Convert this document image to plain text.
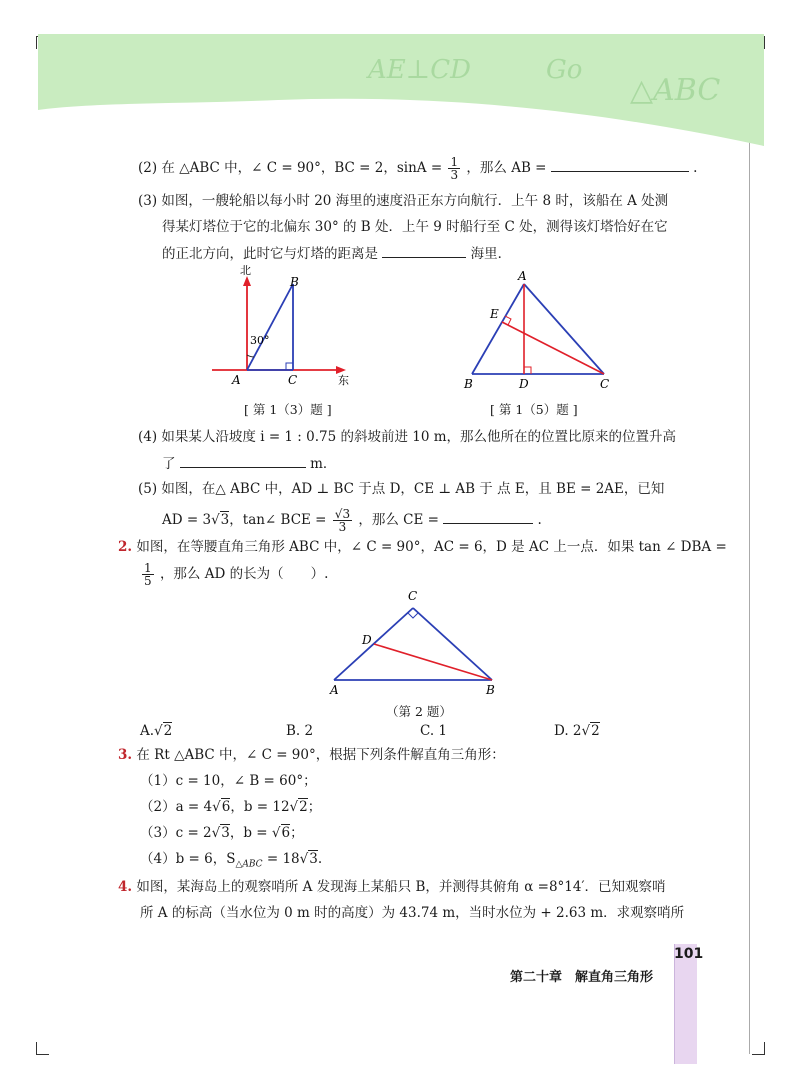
AE⊥CD	Go
△ABC
(2) 在 △ABC 中，∠ C = 90°，BC = 2，$\sin A = \frac{1}{3}$ ，那么 AB =	.
(3) 如图，一艘轮船以每小时 20 海里的速度沿正东方向航行．上午 8 时，该船在 A 处测
得某灯塔位于它的北偏东 30° 的 B 处．上午 9 时船行至 C 处，测得该灯塔恰好在它
的正北方向，此时它与灯塔的距离是	海里．
北
东
30°
A
B
C
[ 第 1（3）题 ]
A
E
B	D	C
[ 第 1（5）题 ]
(4) 如果某人沿坡度 i = 1 : 0.75 的斜坡前进 10 m，那么他所在的位置比原来的位置升高
了	m．
(5) 如图，在△ ABC 中，AD ⊥ BC 于点 D，CE ⊥ AB 于 点 E，且 BE = 2AE，已知
AD = 3√3，tan∠ BCE = $\frac{√3}{3}$ ，那么 CE =	.
2. 如图，在等腰直角三角形 ABC 中，∠ C = 90°，AC = 6，D 是 AC 上一点．如果 tan ∠ DBA =
$\frac{1}{5}$ ，那么 AD 的长为（　　）.
C
D
A	B
（第 2 题）
A.√2	B. 2	C. 1	D. 2√2
3. 在 Rt △ABC 中，∠ C = 90°，根据下列条件解直角三角形：
（1）c = 10，∠ B = 60°；
（2）a = 4√6，b = 12√2；
（3）c = 2√3，b = √6；
（4）b = 6，$S_{\triangle ABC} = 18√3$.
4. 如图，某海岛上的观察哨所 A 发现海上某船只 B，并测得其俯角 α =8°14′．已知观察哨
所 A 的标高（当水位为 0 m 时的高度）为 43.74 m，当时水位为 + 2.63 m．求观察哨所
101
第二十章　解直角三角形
